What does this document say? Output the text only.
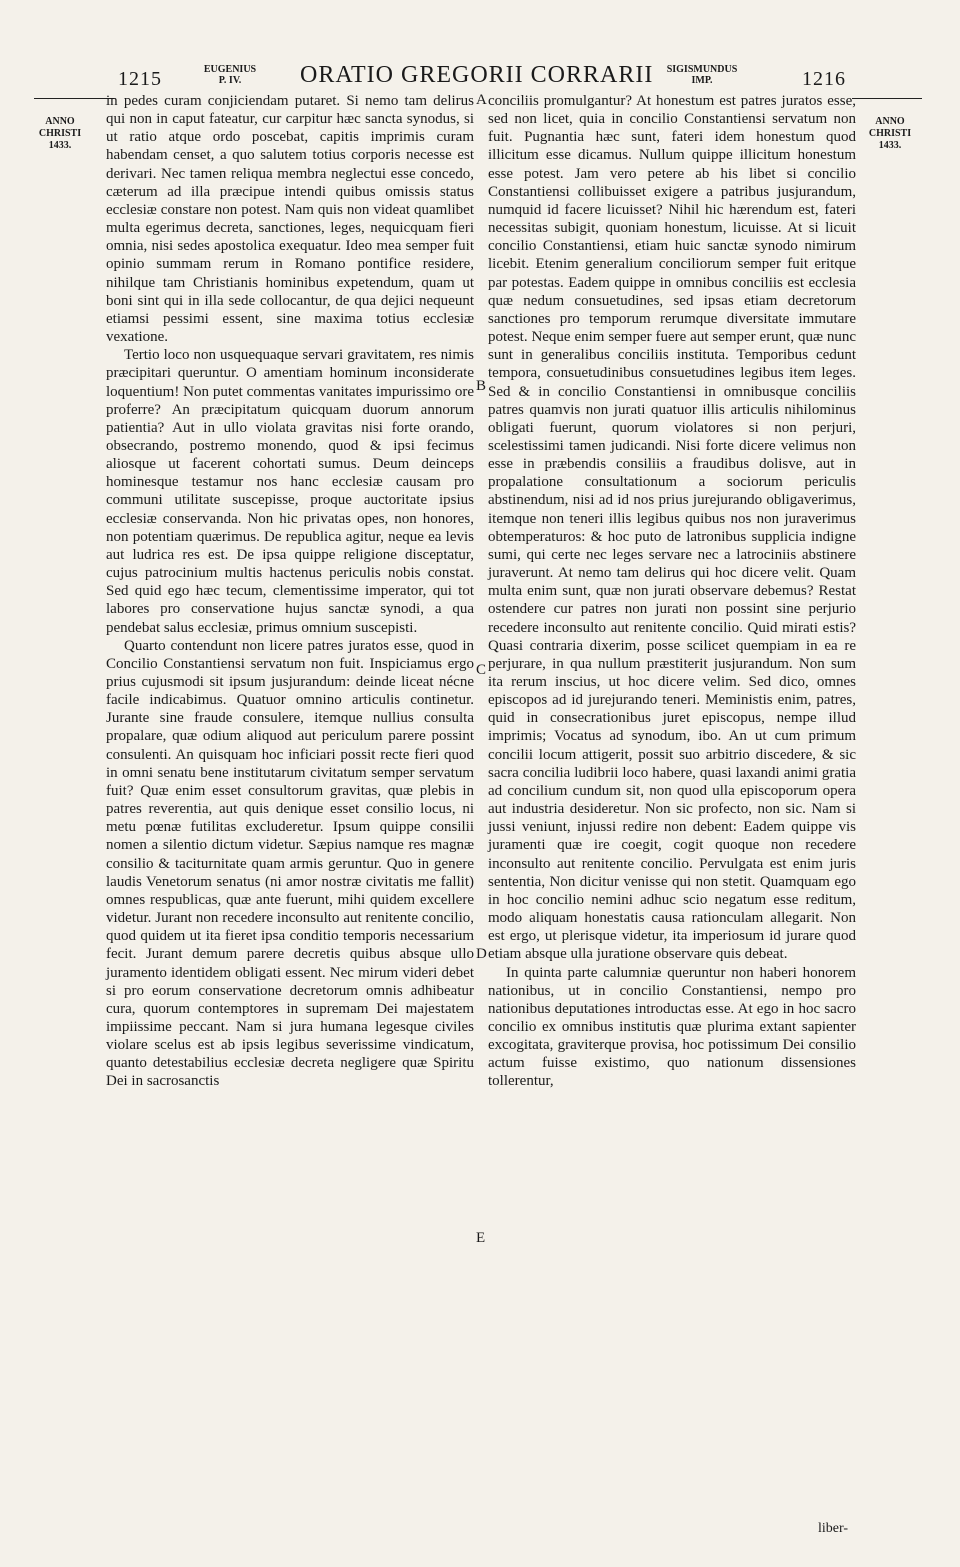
1215	EUGENIUS P. IV.	ORATIO GREGORII CORRARII	SIGISMUNDUS IMP.	1216
ANNO CHRISTI 1433.
ANNO CHRISTI 1433.
A
B
C
D
E

in pedes curam conjiciendam putaret. Si nemo tam delirus qui non in caput fateatur, cur carpitur hæc sancta synodus, si ut ratio atque ordo poscebat, capitis imprimis curam habendam censet, a quo salutem totius corporis necesse est derivari. Nec tamen reliqua membra neglectui esse concedo, cæterum ad illa præcipue intendi quibus omissis status ecclesiæ constare non potest. Nam quis non videat quamlibet multa egerimus decreta, sanctiones, leges, nequicquam fieri omnia, nisi sedes apostolica exequatur. Ideo mea semper fuit opinio summam rerum in Romano pontifice residere, nihilque tam Christianis hominibus expetendum, quam ut boni sint qui in illa sede collocantur, de qua dejici nequeunt etiamsi pessimi essent, sine maxima totius ecclesiæ vexatione.

Tertio loco non usquequaque servari gravitatem, res nimis præcipitari queruntur. O amentiam hominum inconsiderate loquentium! Non putet commentas vanitates impurissimo ore proferre? An præcipitatum quicquam duorum annorum patientia? Aut in ullo violata gravitas nisi forte orando, obsecrando, postremo monendo, quod & ipsi fecimus aliosque ut facerent cohortati sumus. Deum deinceps hominesque testamur nos hanc ecclesiæ causam pro communi utilitate suscepisse, proque auctoritate ipsius ecclesiæ conservanda. Non hic privatas opes, non honores, non potentiam quærimus. De republica agitur, neque ea levis aut ludrica res est. De ipsa quippe religione disceptatur, cujus patrocinium multis hactenus periculis nobis constat. Sed quid ego hæc tecum, clementissime imperator, qui tot labores pro conservatione hujus sanctæ synodi, a qua pendebat salus ecclesiæ, primus omnium suscepisti.

Quarto contendunt non licere patres juratos esse, quod in Concilio Constantiensi servatum non fuit. Inspiciamus ergo prius cujusmodi sit ipsum jusjurandum: deinde liceat nécne facile indicabimus. Quatuor omnino articulis continetur. Jurante sine fraude consulere, itemque nullius consulta propalare, quæ odium aliquod aut periculum parere possint consulenti. An quisquam hoc inficiari possit recte fieri quod in omni senatu bene institutarum civitatum semper servatum fuit? Quæ enim esset consultorum gravitas, quæ plebis in patres reverentia, aut quis denique esset consilio locus, ni metu pœnæ futilitas excluderetur. Ipsum quippe consilii nomen a silentio dictum videtur. Sæpius namque res magnæ consilio & taciturnitate quam armis geruntur. Quo in genere laudis Venetorum senatus (ni amor nostræ civitatis me fallit) omnes respublicas, quæ ante fuerunt, mihi quidem excellere videtur. Jurant non recedere inconsulto aut renitente concilio, quod quidem ut ita fieret ipsa conditio temporis necessarium fecit. Jurant demum parere decretis quibus absque ullo juramento identidem obligati essent. Nec mirum videri debet si pro eorum conservatione decretorum omnis adhibeatur cura, quorum contemptores in supremam Dei majestatem impiissime peccant. Nam si jura humana legesque civiles violare scelus est ab ipsis legibus severissime vindicatum, quanto detestabilius ecclesiæ decreta negligere quæ Spiritu Dei in sacrosanctis

conciliis promulgantur? At honestum est patres juratos esse, sed non licet, quia in concilio Constantiensi servatum non fuit. Pugnantia hæc sunt, fateri idem honestum quod illicitum esse dicamus. Nullum quippe illicitum honestum esse potest. Jam vero petere ab his libet si concilio Constantiensi collibuisset exigere a patribus jusjurandum, numquid id facere licuisset? Nihil hic hærendum est, fateri necessitas subigit, quoniam honestum, licuisse. At si licuit concilio Constantiensi, etiam huic sanctæ synodo nimirum licebit. Etenim generalium conciliorum semper fuit eritque par potestas. Eadem quippe in omnibus conciliis est ecclesia quæ nedum consuetudines, sed ipsas etiam decretorum sanctiones pro temporum rerumque diversitate immutare potest. Neque enim semper fuere aut semper erunt, quæ nunc sunt in generalibus conciliis instituta. Temporibus cedunt tempora, consuetudinibus consuetudines legibus item leges. Sed & in concilio Constantiensi in omnibusque conciliis patres quamvis non jurati quatuor illis articulis nihilominus obligati fuerunt, quorum violatores si non perjuri, scelestissimi tamen judicandi. Nisi forte dicere velimus non esse in præbendis consiliis a fraudibus dolisve, aut in propalatione consultationum a sociorum periculis abstinendum, nisi ad id nos prius jurejurando obligaverimus, itemque non teneri illis legibus quibus nos non juraverimus obtemperaturos: & hoc puto de latronibus supplicia indigne sumi, qui certe nec leges servare nec a latrociniis abstinere juraverunt. At nemo tam delirus qui hoc dicere velit. Quam multa enim sunt, quæ non jurati observare debemus? Restat ostendere cur patres non jurati non possint sine perjurio recedere inconsulto aut renitente concilio. Quid mirati estis? Quasi contraria dixerim, posse scilicet quempiam in ea re perjurare, in qua nullum præstiterit jusjurandum. Non sum ita rerum inscius, ut hoc dicere velim. Sed dico, omnes episcopos ad id jurejurando teneri. Meministis enim, patres, quid in consecrationibus juret episcopus, nempe illud imprimis; Vocatus ad synodum, ibo. An ut cum primum concilii locum attigerit, possit suo arbitrio discedere, & sic sacra concilia ludibrii loco habere, quasi laxandi animi gratia ad concilium cundum sit, non quod ulla episcoporum opera aut industria desideretur. Non sic profecto, non sic. Nam si jussi veniunt, injussi redire non debent: Eadem quippe vis juramenti quæ ire coegit, cogit quoque non recedere inconsulto aut renitente concilio. Pervulgata est enim juris sententia, Non dicitur venisse qui non stetit. Quamquam ego in hoc concilio nemini adhuc scio negatum esse reditum, modo aliquam honestatis causa rationculam allegarit. Non est ergo, ut plerisque videtur, ita imperiosum id jurare quod etiam absque ulla juratione observare quis debeat.

In quinta parte calumniæ queruntur non haberi honorem nationibus, ut in concilio Constantiensi, nempo pro nationibus deputationes introductas esse. At ego in hoc sacro concilio ex omnibus institutis quæ plurima extant sapienter excogitata, graviterque provisa, hoc potissimum Dei consilio actum fuisse existimo, quo nationum dissensiones tollerentur,

liber-
